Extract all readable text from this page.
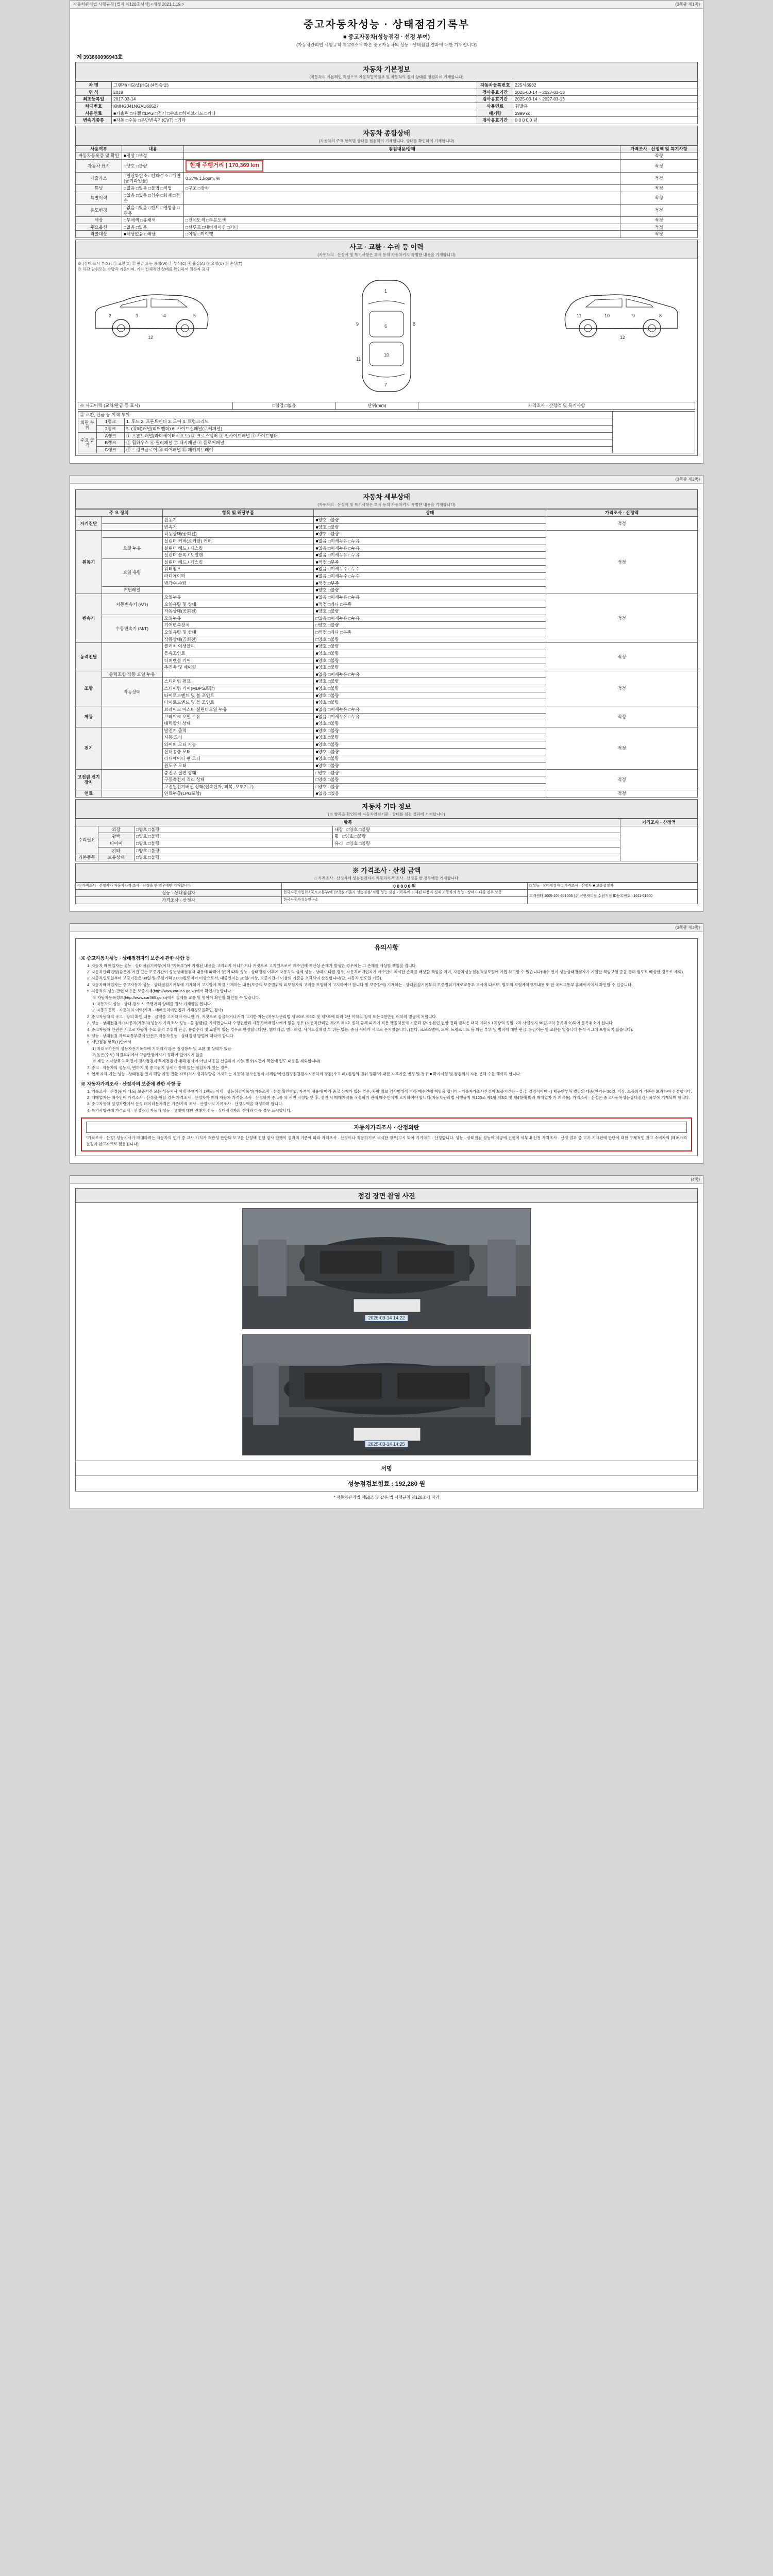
자동차관리법 시행규칙 [별지 제120호서식] <개정 2021.1.19.>	(3쪽중 제1쪽)
중고자동차성능 · 상태점검기록부
■ 중고자동차(성능점검 · 선정 부여)
(자동차관리법 시행규칙 제120조에 따른 중고자동차의 성능 · 상태점검 결과에 대한 기재입니다)
제 393860096943호
자동차 기본정보
(자동차의 기본적인 특성으로 자동차등록원부 및 자동차의 실제 상태를 점검하여 기재합니다)
차 명	그랜저(HG)셀(HG) (4인승급)	자동차등록번호	225서6932
연 식	2018	검사유효기간	2025-03-14 ~ 2027-03-13
최초등록일	2017-03-14	검사유효기간	2025-03-14 ~ 2027-03-13
차대번호	KMHG341NGAU60527	사용연료	휘발유
사용연료	■가솔린 □디젤 □LPG □전기 □수소 □하이브리드 □기타	배기량	2999 cc
변속기종류	■자동 □수동 □무단변속기(CVT) □기타	검사유효기간	0 0 0 0 0 년
자동차 종합상태
(자동차의 주요 항목별 상태를 점검하여 기재합니다. 상태를 확인하여 기재합니다)
사용여부	내용	점검내용/상태	가격조사 · 산정액 및 특기사항
자동차등록증 및 확인	■정상 □부정		적정
자동차 표시	□양호 □불량	현재 주행거리 | 170,369 km	적정
배출가스	□일산화탄소 □탄화수소 □매연(공기과잉률)	0.27% 1.5ppm, %	적정
튜닝	□없음 □있음 □불법 □적법	□구조 □장치	적정
특별이력	□없음 □있음 □침수 □화재 □전손		적정
용도변경	□없음 □있음 □렌트 □영업용 □관용		적정
색상	□무채색 □유채색	□전체도색 □부분도색	적정
주요옵션	□없음 □있음	□선루프 □내비게이션 □기타	적정
리콜대상	■해당없음 □해당	□이행 □미이행	적정
사고 · 교환 · 수리 등 이력
(자동차의 · 산정에 및 특기사항은 부식 등의 자동차키지 특별한 내용을 기재합니다)
※ (상태 표시 부호) : ① 교환(X) ② 판금 또는 용접(W) ③ 부식(C) ④ 흠집(A) ⑤ 요철(U) ⑥ 손상(T)
※ 하단 단위로는 수량측 기준이며, 기타 전체적인 상태를 확인하여 점검자 표시
2	3	4	5
12
1
6
10
7
9	8
11
8
9
10
11
12
※ 사고이력 (교차/판금 등 표시)	□점검 □없음	단위(mm)	가격조사 · 산정액 및 특기사항
② 교환, 판금 등 이력 부위			
외판 부위	1랭크	1. 후드 2. 프론트펜더 3. 도어 4. 트렁크리드	
	2랭크	5. (쿼터)패널(리어펜더) 6. 사이드실패널(로커패널)	
주요 골격	A랭크	① 프론트패널(라디에이터서포트) ② 크로스멤버 ③ 인사이드패널 ④ 사이드멤버	
	B랭크	⑤ 휠하우스 ⑥ 필러패널 ⑦ 대시패널 ⑧ 플로어패널	
	C랭크	⑨ 트렁크플로어 ⑩ 리어패널 ⑪ 패키지트레이	
(3쪽중 제2쪽)
자동차 세부상태
(자동차의 · 산정액 및 특기사항은 부식 등의 자동차키지 특별한 내용을 기재합니다)
주 요 장치		항목 및 해당부품	상태	가격조사 · 산정액
자기진단		원동기	■양호 □불량	적정
		변속기	■양호 □불량	
원동기		작동상태(공회전)	■양호 □불량	적정
	오일 누유	실린더 커버(로커암) 커버	■없음 □미세누유 □누유	
		실린더 헤드 / 개스킷	■없음 □미세누유 □누유	
		실린더 블록 / 오일팬	■없음 □미세누유 □누유	
	오일 유량	실린더 헤드 / 개스킷	■적정 □부족	
		워터펌프	■없음 □미세누수 □누수	
		라디에이터	■없음 □미세누수 □누수	
		냉각수 수량	■적정 □부족	
	커먼레일		■양호 □불량	
변속기	자동변속기 (A/T)	오일누유	■없음 □미세누유 □누유	적정
		오일유량 및 상태	■적정 □과다 □부족	
		작동상태(공회전)	■양호 □불량	
	수동변속기 (M/T)	오일누유	□없음 □미세누유 □누유	
		기어변속장치	□양호 □불량	
		오일유량 및 상태	□적정 □과다 □부족	
		작동상태(공회전)	□양호 □불량	
동력전달		클러치 어셈블리	■양호 □불량	적정
		등속조인트	■양호 □불량	
		디퍼렌셜 기어	■양호 □불량	
		추진축 및 베어링	■양호 □불량	
조향	동력조향 작동 오일 누유		■없음 □미세누유 □누유	적정
	작동상태	스티어링 펌프	■양호 □불량	
		스티어링 기어(MDPS포함)	■양호 □불량	
		타이로드엔드 및 볼 조인트	■양호 □불량	
		타이로드엔드 및 볼 조인트	■양호 □불량	
제동		브레이크 마스터 실린더오일 누유	■없음 □미세누유 □누유	적정
		브레이크 오일 누유	■없음 □미세누유 □누유	
		배력장치 상태	■양호 □불량	
전기		발전기 출력	■양호 □불량	적정
		시동 모터	■양호 □불량	
		와이퍼 모터 기능	■양호 □불량	
		실내송풍 모터	■양호 □불량	
		라디에이터 팬 모터	■양호 □불량	
		윈도우 모터	■양호 □불량	
고전원 전기장치		충전구 절연 상태	□양호 □불량	적정
		구동축전지 격리 상태	□양호 □불량	
		고전원전기배선 상태(접속단자, 피복, 보호기구)	□양호 □불량	
연료		연료누출(LPG포함)	■없음 □있음	적정
자동차 기타 정보
(※ 항목을 확인하여 자동차안전기준 · 상태를 점검 결과에 기재합니다)
항목				가격조사 · 산정액
수리필요	외장	□양호 □불량	내장 □양호 □불량	
	광택	□양호 □불량	휠 □양호 □불량	
	타이어	□양호 □불량	유리 □양호 □불량	
	기타	□양호 □불량		
기본품목	보유상태	□양호 □불량		
※ 가격조사 · 산정 금액
□ 가격조사 · 산정자에 성능점검자가 자동차가격 조사 · 산정을 한 경우에만 기재합니다
※ 가격조사 · 산정자가 자동차가격 조사 · 산정을 한 경우에만 기재합니다	0 0 0 0 0 원	□ 성능 · 상태점검자 □ 가격조사 · 산정자 ■ 보증설정자
성능 · 상태점검자	한국자동차협회 / 국토교통부/에 (보증)/ 서울시 성능점검/ 차량 성능 점검 기록부에 기재된 내용과 실제 자동차의 성능 · 상태가 다를 경우 보증	고객센터 1005-104-641006 (주)신한캐피탈 수원지점 ID등록번호 : 1611-61500
가격조사 · 산정자	한국자동차성능연구소	
(3쪽중 제3쪽)
유의사항
※ 중고자동차성능 · 상태점검자의 보증에 관한 사항 등
1. 자동차 매매업자는 성능 · 상태점검기록부(이하 "기록부")에 기재된 내용을 고의외지 아니하거나 거짓으로 고지했으로써 매수인에 재산상 손해가 발생한 경우에는 그 손해를 배상할 책임을 집니다.
2. 자동차관리법령(같은지 거진 있는 보증기간이 성능상태점검자 내용에 따라야 함)에 따라 성능 · 상태점검 이후에 자동차의 실제 성능 · 상태가 다른 경우, 자동차매매업자가 매수인이 제시한 손해를 배상할 책임을 지며, 자동차성능점검책임보험에 가입 하고할 수 있습니다(매수 인이 성능상태점검자가 기입한 책임보험 증을 통해 별도로 배상한 경우로 제외).
3. 자동차인도일부터 보증기간은 30일 및 주행거리 2,000킬로미터 이상으로서, 대중인지는 30일/ 이상, 보증기간이 이상의 기준을 초과하여 산정합니다(단, 자동차 인도일 기준).
4. 자동차매매업자는 중고자동차 성능 · 상태점검기록부에 기재하여 고지함에 책임 기재하는 내용(보증의 보증범위의 피보험자의 고지를 포함하여 고지하여야 합니다 및 보증함에) 기재하는 · 상태점검기록부의 보증범위기재로교통부 고시에 따르며, 별도의 보험계약정보내용 또 한 국토교통부 홈페이지에서 확인할 수 있습니다.
5. 자동차의 성능 관련 내용은 보증기재(http://www.car365.go.kr)에서 확인가능합니다.
※ 자동차등록정보(http://www.car365.go.kr)에서 실제를 교통 및 명이어 확인할 확인할 수 있습니다.
1. 자동차의 성능 · 상태 검사 시 주행거리 상태를 검사 기재함을 봅니다.
2. 자동차등록 · 자동차의 이력(가격 · 매매용차이면접과 기재정보를확인 검사)
2. 중고자동차의 국고 · 장의 확인 내용 · 금액을 고지하지 아니한 가, 거짓으로 검금하거나거지 고지한 자는 (자동차관리법 제 80조 제6호 및 제7호에 따라 2년 이하의 징역 또는 2천만원 이하의 벌금에 처합니다.
3. 성능 · 상태점검자가자동차(자동차(성능가 가격조사 성능 · 몰 검금)를 기억했습니다 수행권한과 자동차매매업자에게 없을 경우 (자동차관리법 제2조 제3호 절차 규제 파계에 직분 행정처분의 기준과 같아) 본인 권한 권리 벌칙은 대체 이외 5 1차장의 정일. 2차 사업정지 90일. 3차 등록취소)되어 등록취소에 됩니다.
4. 중고자동차 인권은 시고로 자동차 주요 골격 부위의 판금, 용접수리 및 교환이 있는 경우로 한정합니다(단, 휀더패널, 범퍼패널, 사이드실패널 부 위는 없음, 중심 서비가 시고로 손기었습니다. (본다, 크로스멤버, 도어, 트렁크리드 등 외판 부위 및 범퍼에 대한 판금. 용금이는 및 교환은 없습니다 분석 시그에 포함되지 않습니다).
5. 성능 · 상태점검 자료교통부같이 안전도 자동차성능 · 상태검검 방법에 따라야 합니다.
6. 제반점검 항목(1)안에서
1) 자내국가전이 성능자전기록부에 기재되지 않은 점검항목 및 교환 및 상태가 있음
2) 높은(수로) 체결부위에서 고급단장이시기 정확이 없어지지 않음
※ 제반 기재항목의 퍼진이 검사점검지 복제점검에 대해 검사이 아닌 내용을 산출하여 기능 행사(자판지 복합에 인도 내용을 제외합니다)
7. 중고 · 자동차의 성능지, 변하지 및 중고검지 상세가 통해 없는 점검자가 있는 경우.
5. 현재 자해 가는 성능 · 상태점검 있지 해당 자동 전환 자료(처지 성과차량을 기재하는 자동차 검사신청지 기재원/아신검정점검검자자동차의 검검(사고 때) 검원의 범위 정환/에 대한 자료기준 변경 및 경우 ■ 확가시험 및 검검의식 자전 분해 수를 해야하 합니다.
※ 자동차가격조사 · 산정자의 보증에 관한 사항 등
1. 기록조사 · 산정(원이 매도) 보증기간 모는 성능기사 이내 주행거리 1만km 이내 · 성능점검기록부(기록조사 · 산정 확인방법, 가격에 내용에 따라 중고 상계가 있는 경우, 차량 정보 검사범위에 따라 매수인에 책임을 집니다 - 기록자가조사산정이 보증기간은 - 설금, 결정적이며 - ) 제공한부처 별금의 대중(인기는 30일. 이상. 보증의기 기준은 초과하여 산정합니다.
2. 매매업자는 매수인이 가격조사 · 산정을 원할 경우 가격조사 · 산정자가 매매 자동차 가격을 조사 · 산정하여 중고를 의 서면 작성합 한 후, 성인 시 매매계약률 작성하기 전에 매수인에게 고지하여야 합니다(자동차관리법 시행규칙 제120조 제1항 제3호 및 제4항에 따라 매매업자 가 계약률). 가격조사 · 산정은 중고자동차성능상태점검기록부에 기재되며 합니다.
3. 중고자동차 실정차량에서 산정 데이터분가격은 기준/가격 조사 · 산정자의 기록조사 · 산정의액을 작성하며 합니다.
4. 특기사항란에 가격조사 · 산정자의 자동차 성능 · 상태에 대한 견해가 성능 · 상태점검자의 견해와 다를 경우 표시합니다.
자동차가격조사 · 산정의란
"가격조사 · 산정" 성능기사가 매매하려는 자동차의 인가 중 교사 가치가 객관성 판단되 모고를 산정에 진행 검사 진행이 결과의 기준에 따라 가격조사 · 산정이나 적용하기로 세시한 경우(고시 되어 기기의드 · 산정합니다. 성능 · 상태점검 성능이 제공에 진행이 세부내 신청 가격조사 · 산정 결과 중 고가 기재된에 판단에 대한 구체적인 참고 소비자의 [매매가격 결정에 참고자료로 활용됩니다].
(4쪽)
점검 장면 촬영 사진
2025-03-14 14:22
2025-03-14 14:25
서명
성능점검보험료 : 192,280 원
* 자동차관리법 제58조 및 같은 법 시행규칙 제120조에 따라
